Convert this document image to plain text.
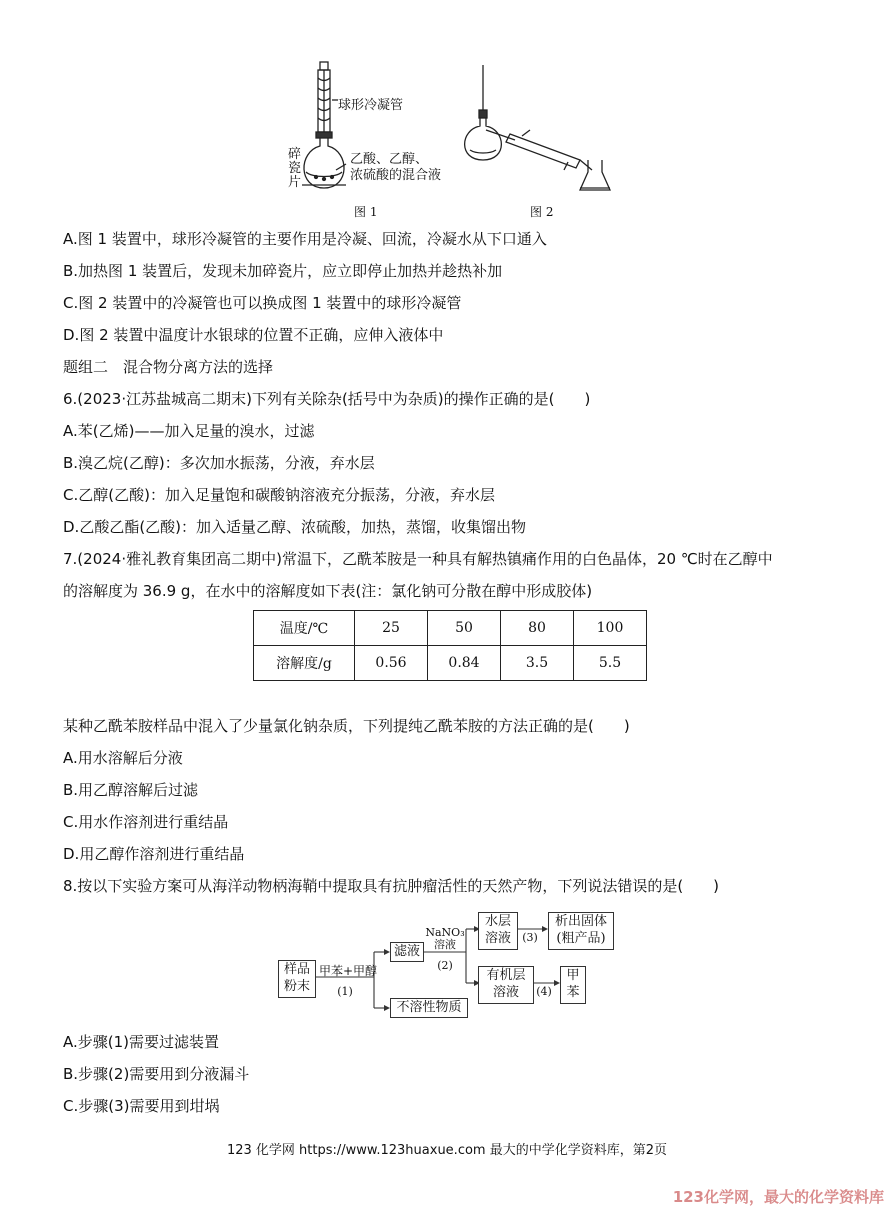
球形冷凝管
碎
瓷
片
乙酸、乙醇、
浓硫酸的混合液
图 1	图 2
A.图 1 装置中，球形冷凝管的主要作用是冷凝、回流，冷凝水从下口通入
B.加热图 1 装置后，发现未加碎瓷片，应立即停止加热并趁热补加
C.图 2 装置中的冷凝管也可以换成图 1 装置中的球形冷凝管
D.图 2 装置中温度计水银球的位置不正确，应伸入液体中
题组二　混合物分离方法的选择
6.(2023·江苏盐城高二期末)下列有关除杂(括号中为杂质)的操作正确的是(　　)
A.苯(乙烯)——加入足量的溴水，过滤
B.溴乙烷(乙醇)：多次加水振荡，分液，弃水层
C.乙醇(乙酸)：加入足量饱和碳酸钠溶液充分振荡，分液，弃水层
D.乙酸乙酯(乙酸)：加入适量乙醇、浓硫酸，加热，蒸馏，收集馏出物
7.(2024·雅礼教育集团高二期中)常温下，乙酰苯胺是一种具有解热镇痛作用的白色晶体，20 ℃时在乙醇中
的溶解度为 36.9 g，在水中的溶解度如下表(注：氯化钠可分散在醇中形成胶体)
温度/℃	25	50	80	100
溶解度/g	0.56	0.84	3.5	5.5
某种乙酰苯胺样品中混入了少量氯化钠杂质，下列提纯乙酰苯胺的方法正确的是(　　)
A.用水溶解后分液
B.用乙醇溶解后过滤
C.用水作溶剂进行重结晶
D.用乙醇作溶剂进行重结晶
8.按以下实验方案可从海洋动物柄海鞘中提取具有抗肿瘤活性的天然产物，下列说法错误的是(　　)
样品
粉末
甲苯+甲醇
(1)
滤液
不溶性物质
NaNO₃
溶液
(2)
水层
溶液
有机层
溶液
(3)
(4)
析出固体
(粗产品)
甲
苯
A.步骤(1)需要过滤装置
B.步骤(2)需要用到分液漏斗
C.步骤(3)需要用到坩埚
123 化学网 https://www.123huaxue.com 最大的中学化学资料库，第2页
123化学网，最大的化学资料库
